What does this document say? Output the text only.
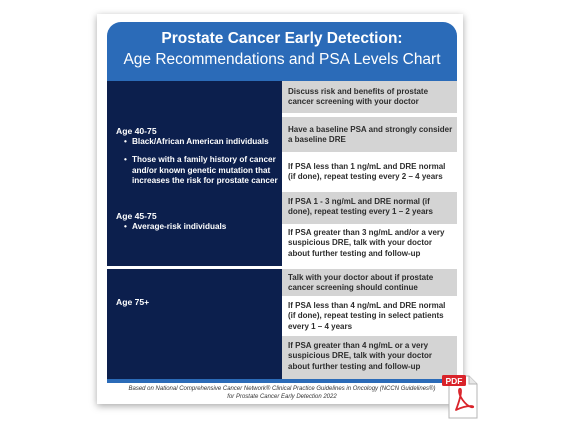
Prostate Cancer Early Detection:
Age Recommendations and PSA Levels Chart
Age 40-75
• Black/African American individuals
• Those with a family history of cancer and/or known genetic mutation that increases the risk for prostate cancer
Age 45-75
• Average-risk individuals
Discuss risk and benefits of prostate cancer screening with your doctor
Have a baseline PSA and strongly consider a baseline DRE
If PSA less than 1 ng/mL and DRE normal (if done), repeat testing every 2 – 4 years
If PSA 1 - 3 ng/mL and DRE normal (if done), repeat testing every 1 – 2 years
If PSA greater than 3 ng/mL and/or a very suspicious DRE, talk with your doctor about further testing and follow-up
Age 75+
Talk with your doctor about if prostate cancer screening should continue
If PSA less than 4 ng/mL and DRE normal (if done), repeat testing in select patients every 1 – 4 years
If PSA greater than 4 ng/mL or a very suspicious DRE, talk with your doctor about further testing and follow-up
Based on National Comprehensive Cancer Network® Clinical Practice Guidelines in Oncology (NCCN Guidelines®)
for Prostate Cancer Early Detection 2022
PDF
